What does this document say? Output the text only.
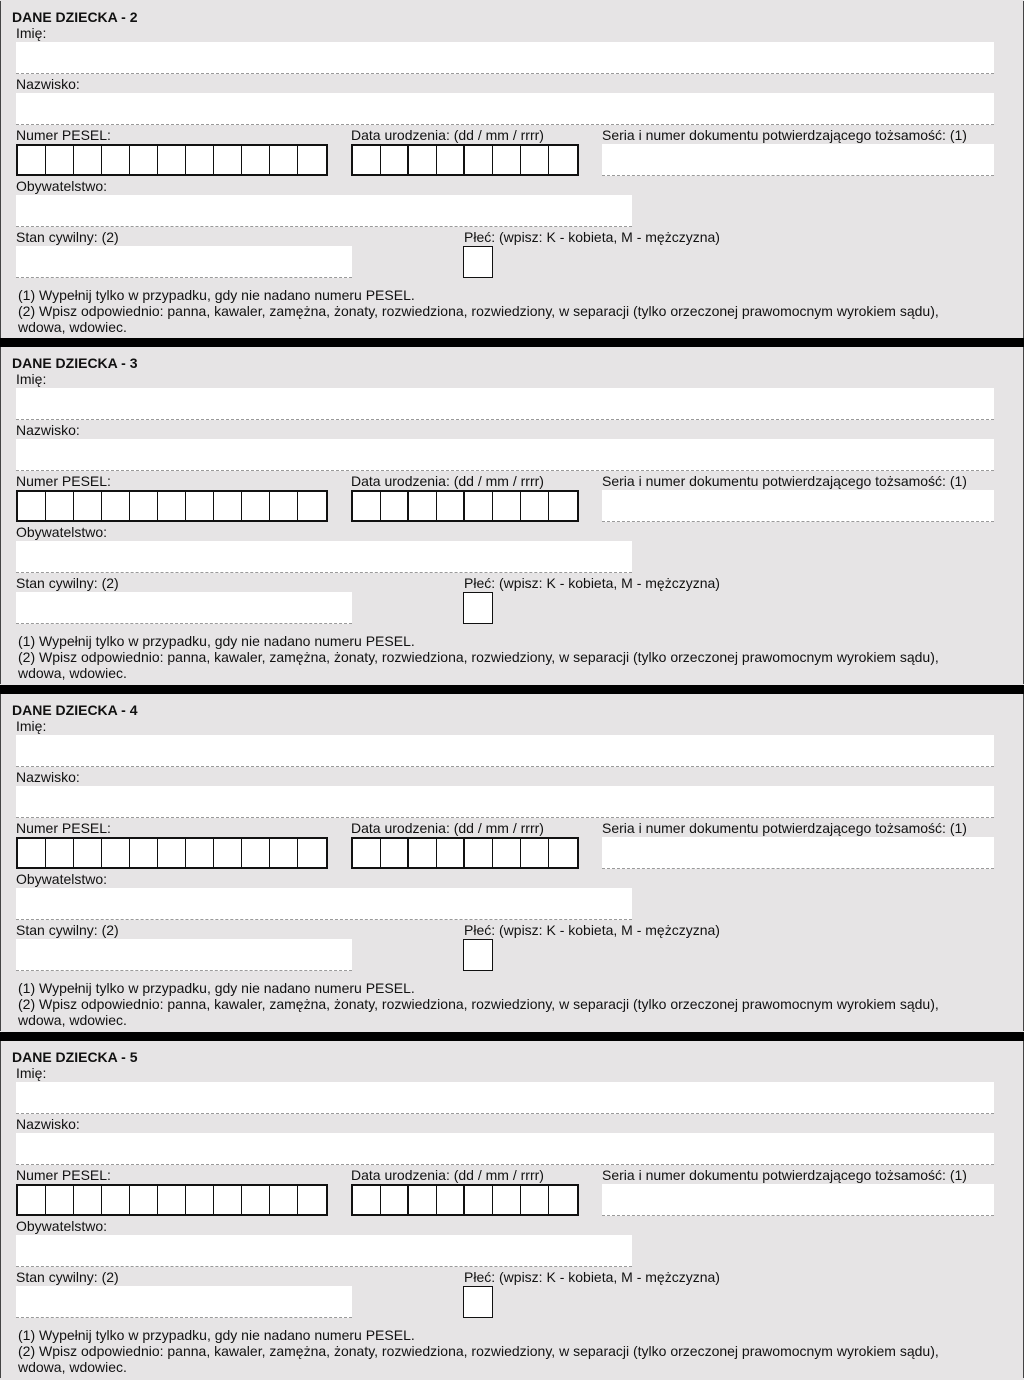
DANE DZIECKA - 2
Imię:
Nazwisko:
Numer PESEL:	Data urodzenia: (dd / mm / rrrr)	Seria i numer dokumentu potwierdzającego tożsamość: (1)
Obywatelstwo:
Stan cywilny: (2)	Płeć: (wpisz: K - kobieta, M - mężczyzna)
(1) Wypełnij tylko w przypadku, gdy nie nadano numeru PESEL.
(2) Wpisz odpowiednio: panna, kawaler, zamężna, żonaty, rozwiedziona, rozwiedziony, w separacji (tylko orzeczonej prawomocnym wyrokiem sądu),
wdowa, wdowiec.
DANE DZIECKA - 3
Imię:
Nazwisko:
Numer PESEL:	Data urodzenia: (dd / mm / rrrr)	Seria i numer dokumentu potwierdzającego tożsamość: (1)
Obywatelstwo:
Stan cywilny: (2)	Płeć: (wpisz: K - kobieta, M - mężczyzna)
(1) Wypełnij tylko w przypadku, gdy nie nadano numeru PESEL.
(2) Wpisz odpowiednio: panna, kawaler, zamężna, żonaty, rozwiedziona, rozwiedziony, w separacji (tylko orzeczonej prawomocnym wyrokiem sądu),
wdowa, wdowiec.
DANE DZIECKA - 4
Imię:
Nazwisko:
Numer PESEL:	Data urodzenia: (dd / mm / rrrr)	Seria i numer dokumentu potwierdzającego tożsamość: (1)
Obywatelstwo:
Stan cywilny: (2)	Płeć: (wpisz: K - kobieta, M - mężczyzna)
(1) Wypełnij tylko w przypadku, gdy nie nadano numeru PESEL.
(2) Wpisz odpowiednio: panna, kawaler, zamężna, żonaty, rozwiedziona, rozwiedziony, w separacji (tylko orzeczonej prawomocnym wyrokiem sądu),
wdowa, wdowiec.
DANE DZIECKA - 5
Imię:
Nazwisko:
Numer PESEL:	Data urodzenia: (dd / mm / rrrr)	Seria i numer dokumentu potwierdzającego tożsamość: (1)
Obywatelstwo:
Stan cywilny: (2)	Płeć: (wpisz: K - kobieta, M - mężczyzna)
(1) Wypełnij tylko w przypadku, gdy nie nadano numeru PESEL.
(2) Wpisz odpowiednio: panna, kawaler, zamężna, żonaty, rozwiedziona, rozwiedziony, w separacji (tylko orzeczonej prawomocnym wyrokiem sądu),
wdowa, wdowiec.
